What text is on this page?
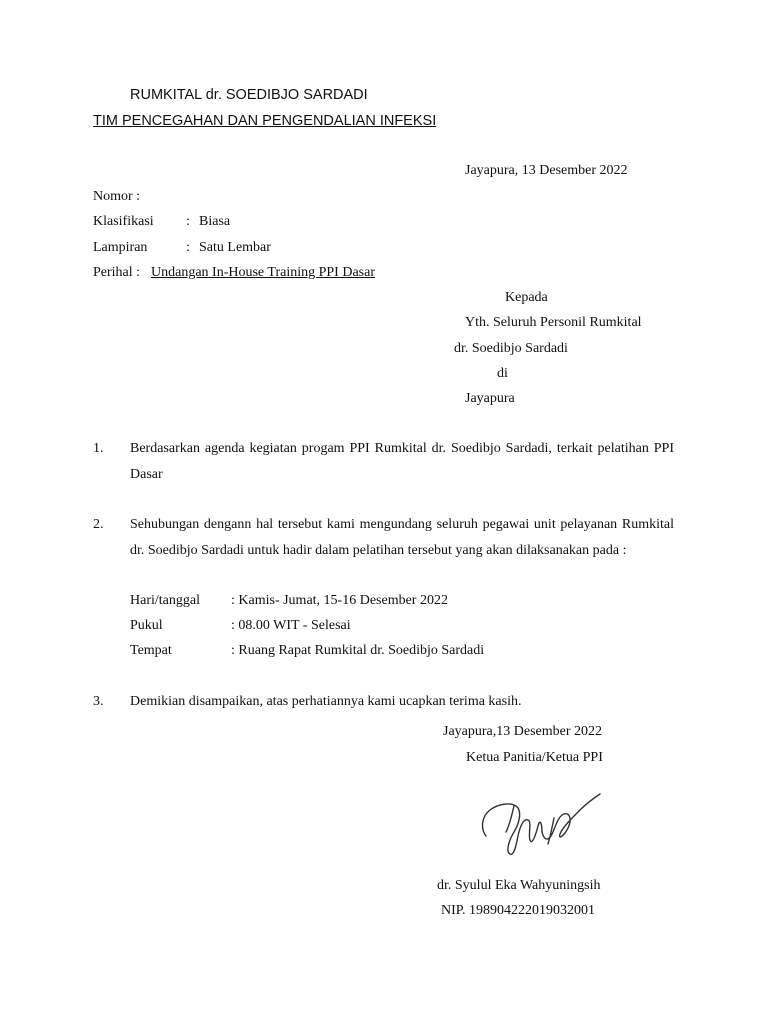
RUMKITAL dr. SOEDIBJO SARDADI
TIM PENCEGAHAN DAN PENGENDALIAN INFEKSI
Jayapura, 13 Desember 2022
Nomor :
Klasifikasi : Biasa
Lampiran	: Satu Lembar
Perihal : Undangan In-House Training PPI Dasar
Kepada
Yth. Seluruh Personil Rumkital
dr. Soedibjo Sardadi
di
Jayapura
1. Berdasarkan agenda kegiatan progam PPI Rumkital dr. Soedibjo Sardadi, terkait pelatihan PPI Dasar
2. Sehubungan dengann hal tersebut kami mengundang seluruh pegawai unit pelayanan Rumkital dr. Soedibjo Sardadi untuk hadir dalam pelatihan tersebut yang akan dilaksanakan pada :
Hari/tanggal : Kamis- Jumat, 15-16 Desember 2022
Pukul	: 08.00 WIT - Selesai
Tempat	: Ruang Rapat Rumkital dr. Soedibjo Sardadi
3. Demikian disampaikan, atas perhatiannya kami ucapkan terima kasih.
Jayapura,13 Desember 2022
Ketua Panitia/Ketua PPI
dr. Syulul Eka Wahyuningsih
NIP. 198904222019032001
